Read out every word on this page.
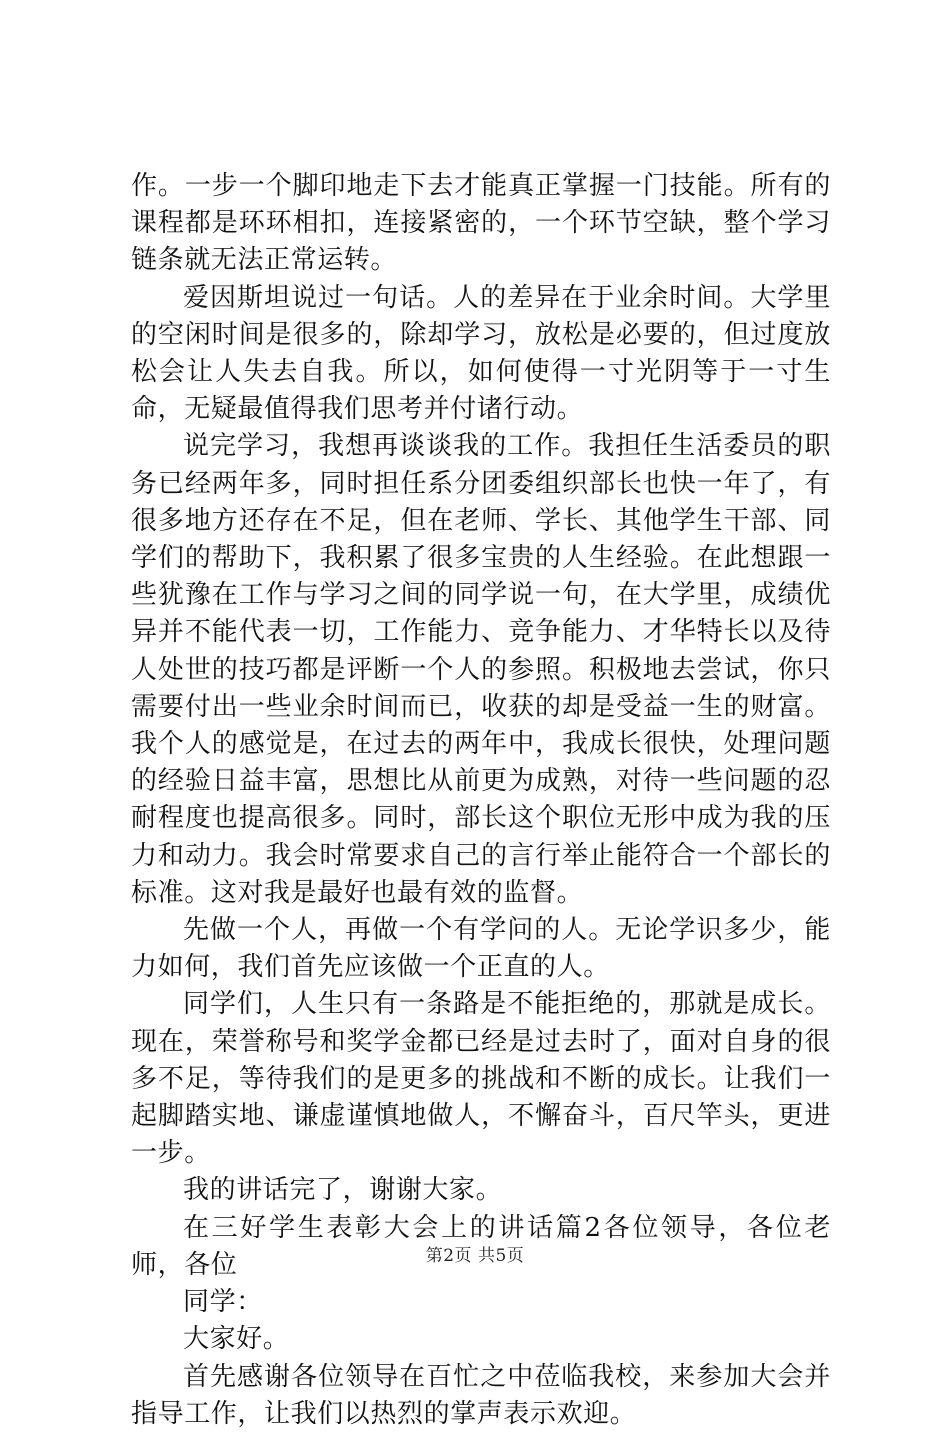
作。一步一个脚印地走下去才能真正掌握一门技能。所有的课程都是环环相扣，连接紧密的，一个环节空缺，整个学习链条就无法正常运转。

爱因斯坦说过一句话。人的差异在于业余时间。大学里的空闲时间是很多的，除却学习，放松是必要的，但过度放松会让人失去自我。所以，如何使得一寸光阴等于一寸生命，无疑最值得我们思考并付诸行动。

说完学习，我想再谈谈我的工作。我担任生活委员的职务已经两年多，同时担任系分团委组织部长也快一年了，有很多地方还存在不足，但在老师、学长、其他学生干部、同学们的帮助下，我积累了很多宝贵的人生经验。在此想跟一些犹豫在工作与学习之间的同学说一句，在大学里，成绩优异并不能代表一切，工作能力、竞争能力、才华特长以及待人处世的技巧都是评断一个人的参照。积极地去尝试，你只需要付出一些业余时间而已，收获的却是受益一生的财富。我个人的感觉是，在过去的两年中，我成长很快，处理问题的经验日益丰富，思想比从前更为成熟，对待一些问题的忍耐程度也提高很多。同时，部长这个职位无形中成为我的压力和动力。我会时常要求自己的言行举止能符合一个部长的标准。这对我是最好也最有效的监督。

先做一个人，再做一个有学问的人。无论学识多少，能力如何，我们首先应该做一个正直的人。

同学们，人生只有一条路是不能拒绝的，那就是成长。现在，荣誉称号和奖学金都已经是过去时了，面对自身的很多不足，等待我们的是更多的挑战和不断的成长。让我们一起脚踏实地、谦虚谨慎地做人，不懈奋斗，百尺竿头，更进一步。

我的讲话完了，谢谢大家。

在三好学生表彰大会上的讲话篇2各位领导，各位老师，各位

同学：

大家好。

首先感谢各位领导在百忙之中莅临我校，来参加大会并指导工作，让我们以热烈的掌声表示欢迎。

第2页 共5页
